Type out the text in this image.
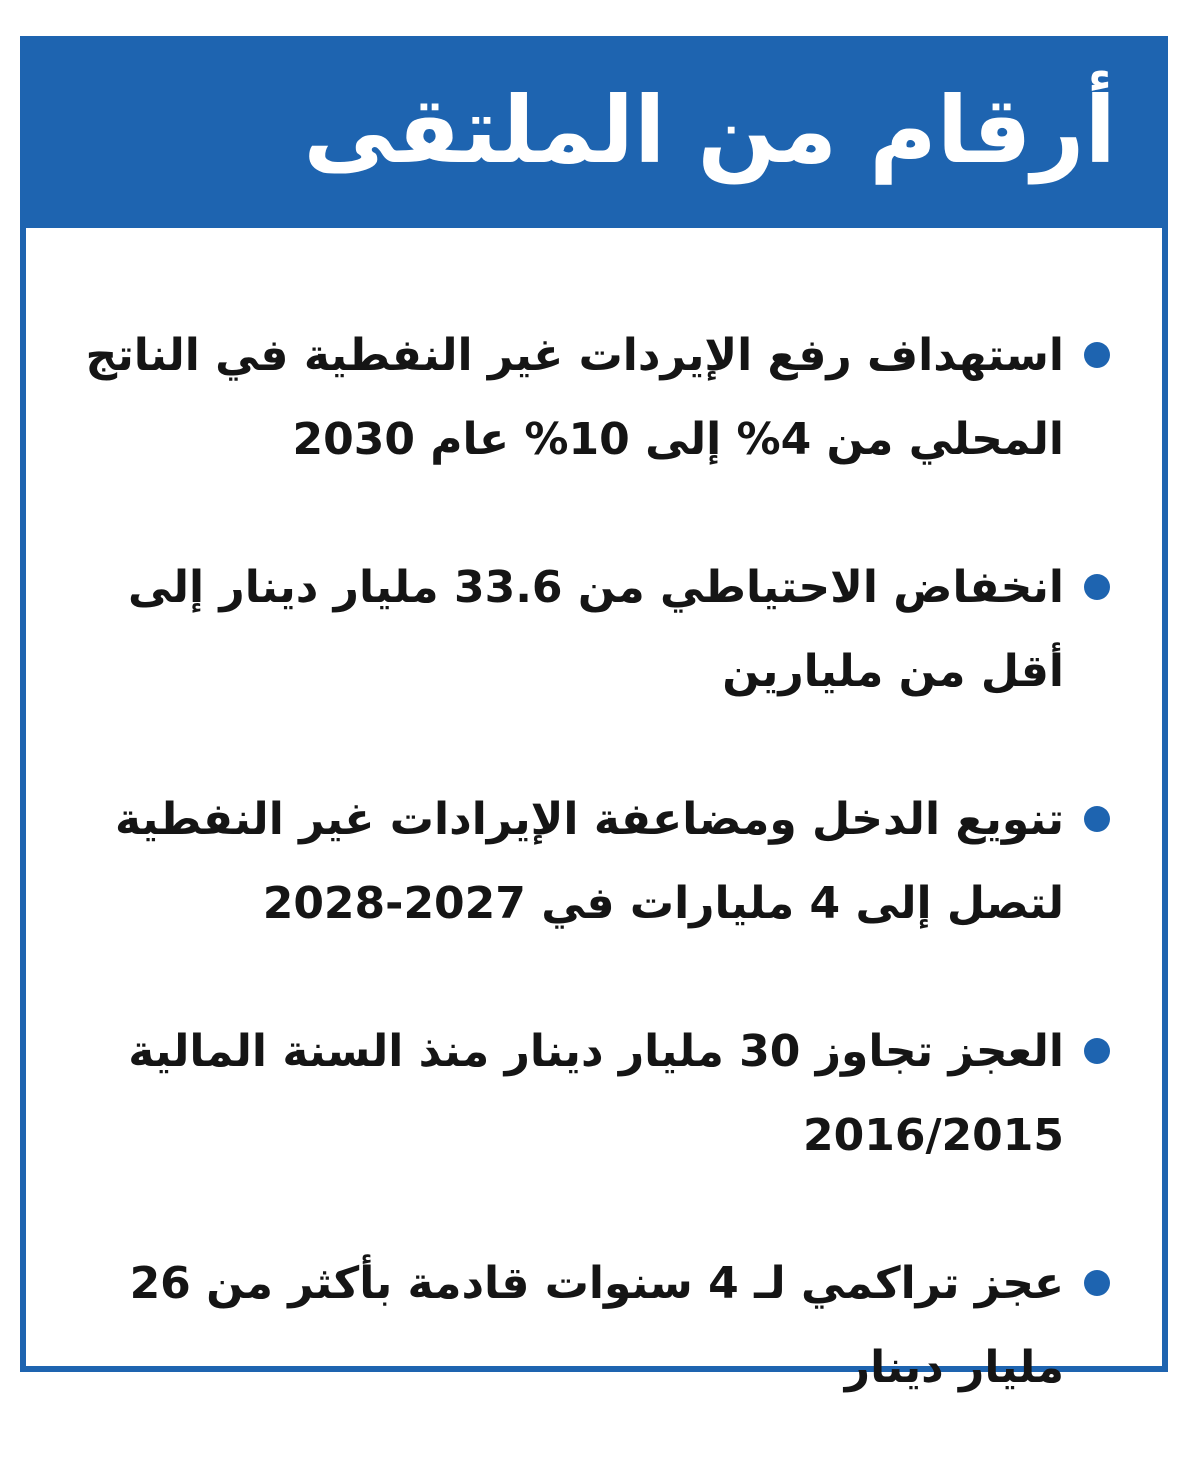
أرقام من الملتقى
استهداف رفع الإيردات غير النفطية في الناتج المحلي من 4% إلى 10% عام 2030
انخفاض الاحتياطي من 33.6 مليار دينار إلى أقل من مليارين
تنويع الدخل ومضاعفة الإيرادات غير النفطية لتصل إلى 4 مليارات في 2027-2028
العجز تجاوز 30 مليار دينار منذ السنة المالية 2016/2015
عجز تراكمي لـ 4 سنوات قادمة بأكثر من 26 مليار دينار
